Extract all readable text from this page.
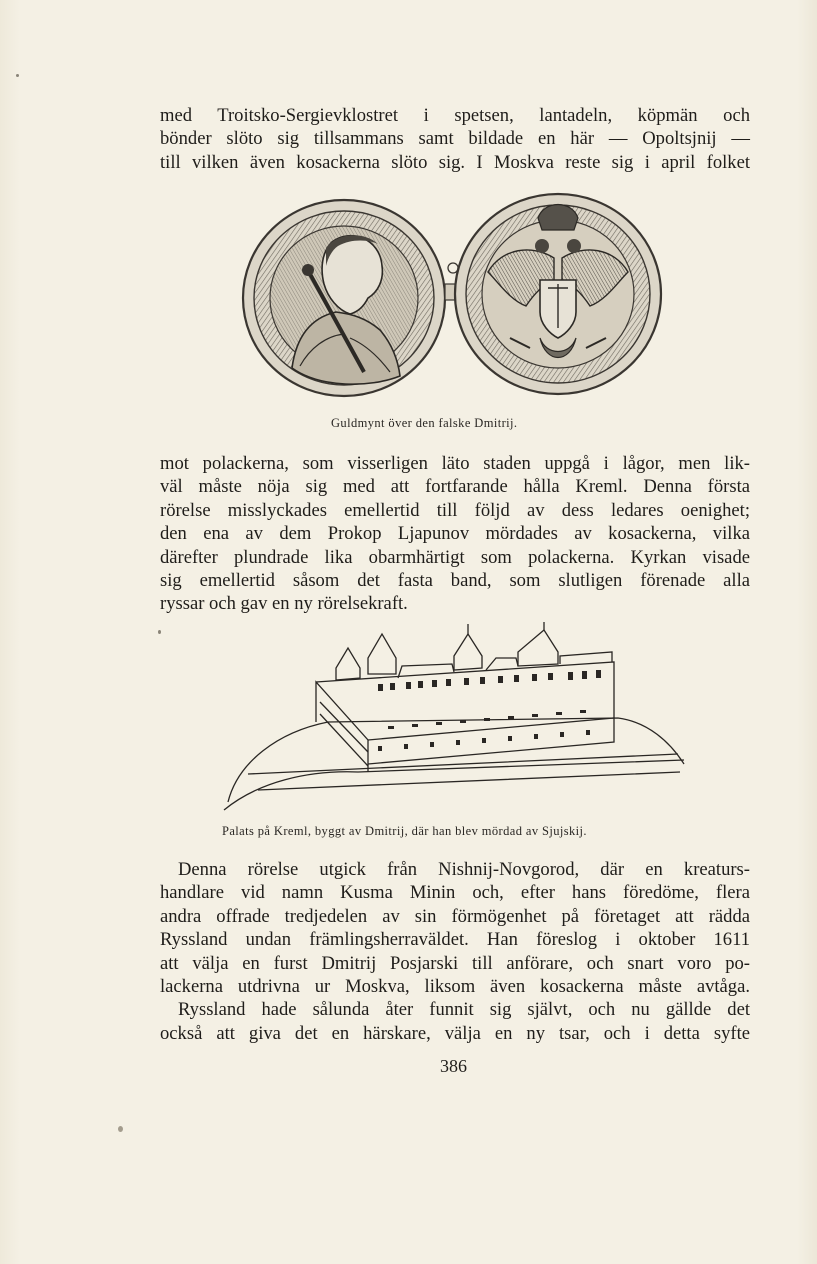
med Troitsko-Sergievklostret i spetsen, lantadeln, köpmän och
bönder slöto sig tillsammans samt bildade en här — Opoltsjnij —
till vilken även kosackerna slöto sig. I Moskva reste sig i april folket

Guldmynt över den falske Dmitrij.

mot polackerna, som visserligen läto staden uppgå i lågor, men lik-
väl måste nöja sig med att fortfarande hålla Kreml. Denna första
rörelse misslyckades emellertid till följd av dess ledares oenighet;
den ena av dem Prokop Ljapunov mördades av kosackerna, vilka
därefter plundrade lika obarmhärtigt som polackerna. Kyrkan visade
sig emellertid såsom det fasta band, som slutligen förenade alla
ryssar och gav en ny rörelsekraft.

Palats på Kreml, byggt av Dmitrij, där han blev mördad av Sjujskij.

Denna rörelse utgick från Nishnij-Novgorod, där en kreaturs-
handlare vid namn Kusma Minin och, efter hans föredöme, flera
andra offrade tredjedelen av sin förmögenhet på företaget att rädda
Ryssland undan främlingsherraväldet. Han föreslog i oktober 1611
att välja en furst Dmitrij Posjarski till anförare, och snart voro po-
lackerna utdrivna ur Moskva, liksom även kosackerna måste avtåga.
Ryssland hade sålunda åter funnit sig självt, och nu gällde det
också att giva det en härskare, välja en ny tsar, och i detta syfte

386
